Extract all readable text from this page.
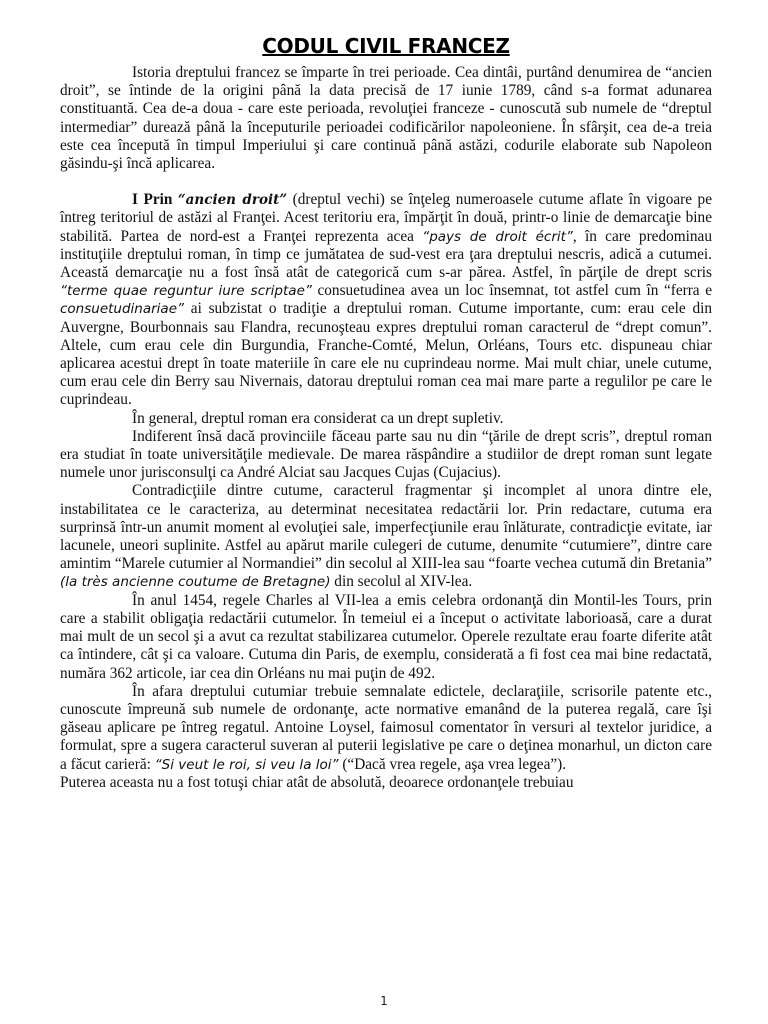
CODUL CIVIL FRANCEZ

Istoria dreptului francez se împarte în trei perioade. Cea dintâi, purtând denumirea de “ancien droit”, se întinde de la origini până la data precisă de 17 iunie 1789, când s-a format adunarea constituantă. Cea de-a doua - care este perioada, revoluţiei franceze - cunoscută sub numele de “dreptul intermediar” durează până la începuturile perioadei codificărilor napoleoniene. În sfârşit, cea de-a treia este cea începută în timpul Imperiului şi care continuă până astăzi, codurile elaborate sub Napoleon găsindu-şi încă aplicarea.

I Prin “ancien droit” (dreptul vechi) se înţeleg numeroasele cutume aflate în vigoare pe întreg teritoriul de astăzi al Franţei. Acest teritoriu era, împărţit în două, printr-o linie de demarcaţie bine stabilită. Partea de nord-est a Franţei reprezenta acea “pays de droit écrit”, în care predominau instituţiile dreptului roman, în timp ce jumătatea de sud-vest era ţara dreptului nescris, adică a cutumei. Această demarcaţie nu a fost însă atât de categorică cum s-ar părea. Astfel, în părţile de drept scris “terme quae reguntur iure scriptae” consuetudinea avea un loc însemnat, tot astfel cum în “ferra e consuetudinariae” ai subzistat o tradiţie a dreptului roman. Cutume importante, cum: erau cele din Auvergne, Bourbonnais sau Flandra, recunoşteau expres dreptului roman caracterul de “drept comun”. Altele, cum erau cele din Burgundia, Franche-Comté, Melun, Orléans, Tours etc. dispuneau chiar aplicarea acestui drept în toate materiile în care ele nu cuprindeau norme. Mai mult chiar, unele cutume, cum erau cele din Berry sau Nivernais, datorau dreptului roman cea mai mare parte a regulilor pe care le cuprindeau.

În general, dreptul roman era considerat ca un drept supletiv.

Indiferent însă dacă provinciile făceau parte sau nu din “ţările de drept scris”, dreptul roman era studiat în toate universităţile medievale. De marea răspândire a studiilor de drept roman sunt legate numele unor jurisconsulţi ca André Alciat sau Jacques Cujas (Cujacius).

Contradicţiile dintre cutume, caracterul fragmentar şi incomplet al unora dintre ele, instabilitatea ce le caracteriza, au determinat necesitatea redactării lor. Prin redactare, cutuma era surprinsă într-un anumit moment al evoluţiei sale, imperfecţiunile erau înlăturate, contradicţie evitate, iar lacunele, uneori suplinite. Astfel au apărut marile culegeri de cutume, denumite “cutumiere”, dintre care amintim “Marele cutumier al Normandiei” din secolul al XIII-lea sau “foarte vechea cutumă din Bretania” (la très ancienne coutume de Bretagne) din secolul al XIV-lea.

În anul 1454, regele Charles al VII-lea a emis celebra ordonanţă din Montil-les Tours, prin care a stabilit obligaţia redactării cutumelor. În temeiul ei a început o activitate laborioasă, care a durat mai mult de un secol şi a avut ca rezultat stabilizarea cutumelor. Operele rezultate erau foarte diferite atât ca întindere, cât şi ca valoare. Cutuma din Paris, de exemplu, considerată a fi fost cea mai bine redactată, număra 362 articole, iar cea din Orléans nu mai puţin de 492.

În afara dreptului cutumiar trebuie semnalate edictele, declaraţiile, scrisorile patente etc., cunoscute împreună sub numele de ordonanţe, acte normative emanând de la puterea regală, care îşi găseau aplicare pe întreg regatul. Antoine Loysel, faimosul comentator în versuri al textelor juridice, a formulat, spre a sugera caracterul suveran al puterii legislative pe care o deţinea monarhul, un dicton care a făcut carieră: “Si veut le roi, si veu la loi” (“Dacă vrea regele, aşa vrea legea”).

Puterea aceasta nu a fost totuşi chiar atât de absolută, deoarece ordonanţele trebuiau

1
